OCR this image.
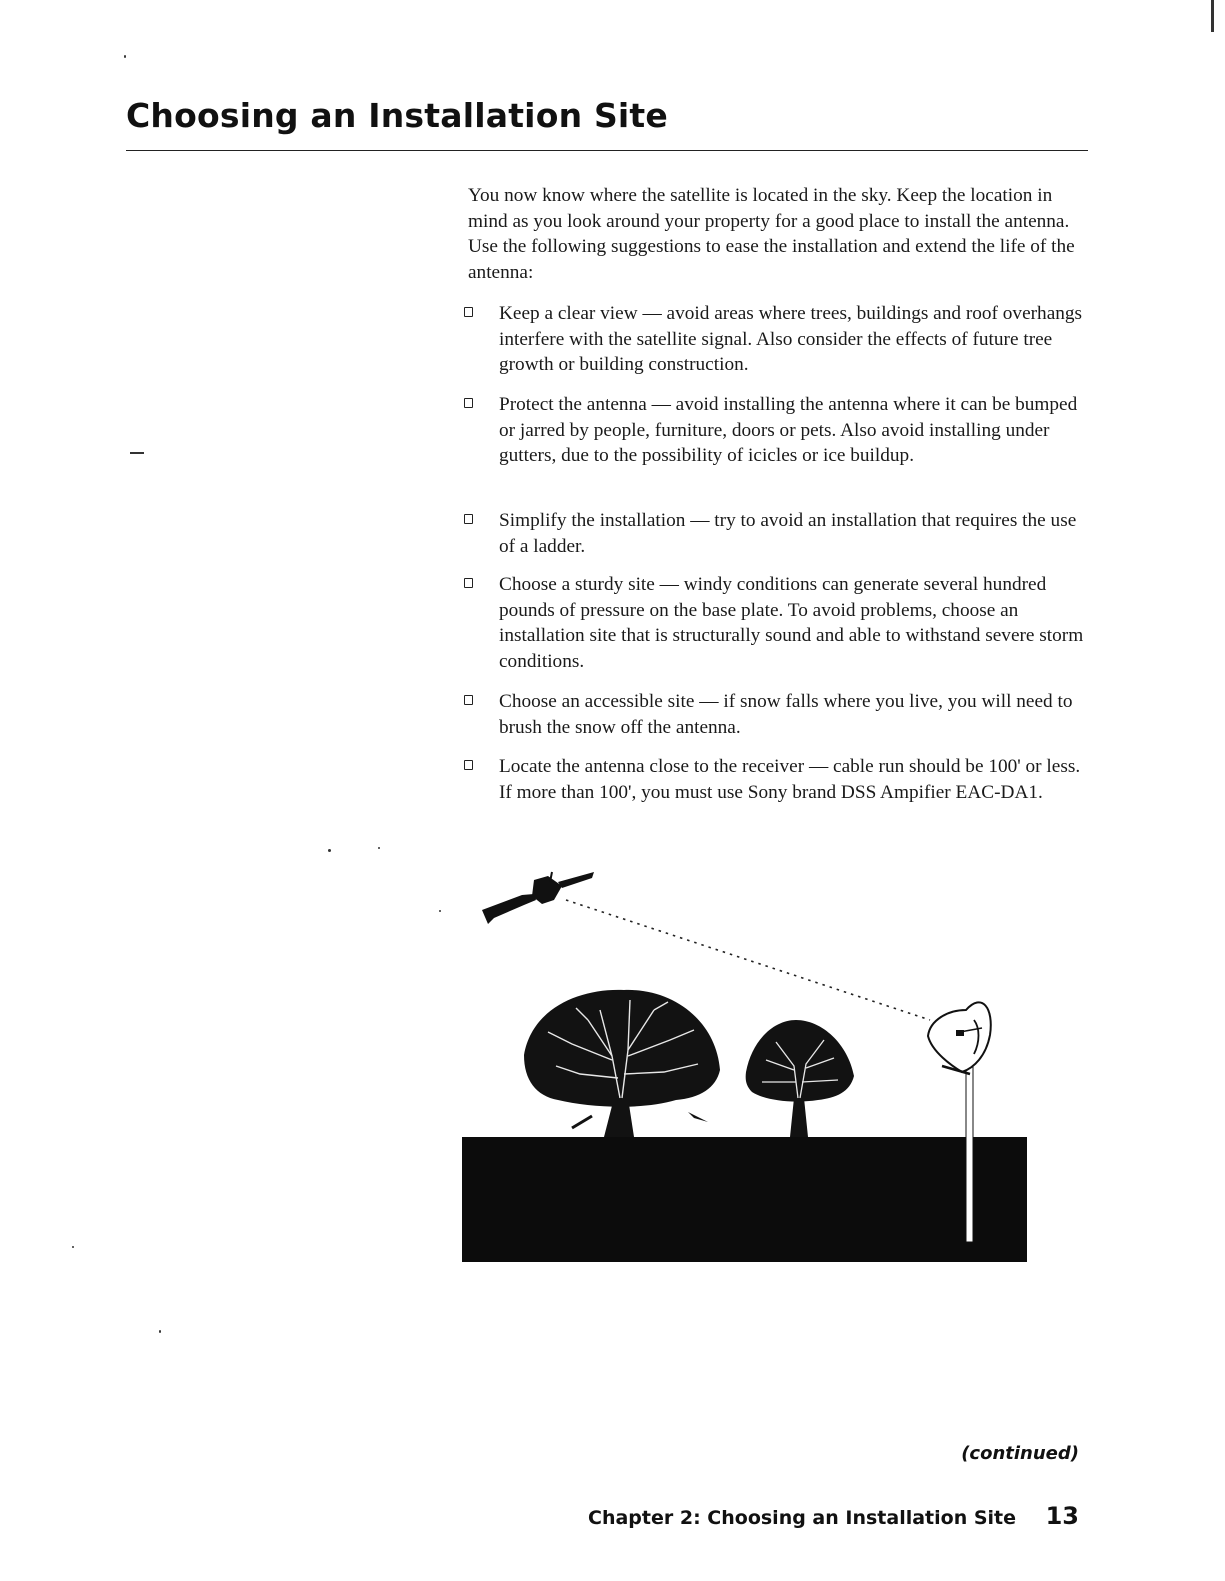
Choosing an Installation Site

You now know where the satellite is located in the sky. Keep the location in mind as you look around your property for a good place to install the antenna. Use the following suggestions to ease the installation and extend the life of the antenna:

Keep a clear view — avoid areas where trees, buildings and roof overhangs interfere with the satellite signal. Also consider the effects of future tree growth or building construction.
Protect the antenna — avoid installing the antenna where it can be bumped or jarred by people, furniture, doors or pets. Also avoid installing under gutters, due to the possibility of icicles or ice buildup.
Simplify the installation — try to avoid an installation that requires the use of a ladder.
Choose a sturdy site — windy conditions can generate several hundred pounds of pressure on the base plate. To avoid problems, choose an installation site that is structurally sound and able to withstand severe storm conditions.
Choose an accessible site — if snow falls where you live, you will need to brush the snow off the antenna.
Locate the antenna close to the receiver — cable run should be 100' or less. If more than 100', you must use Sony brand DSS Ampifier EAC-DA1.
(continued)
Chapter 2: Choosing an Installation Site 13
